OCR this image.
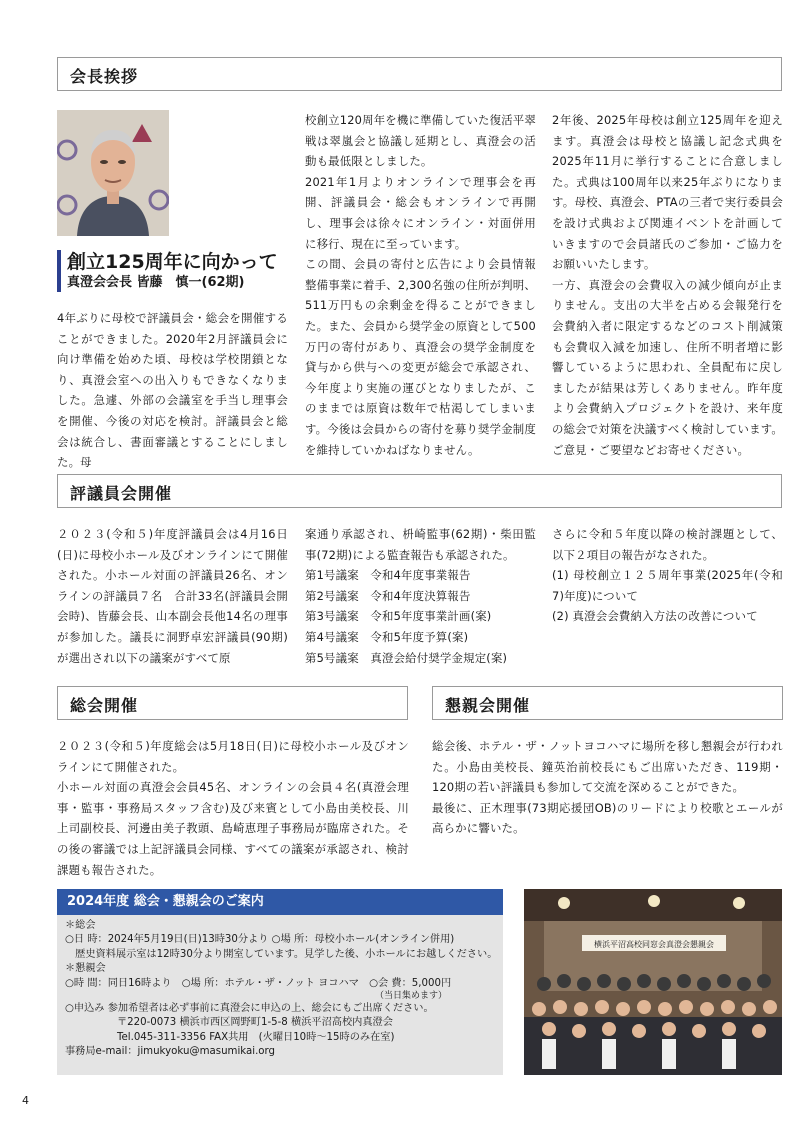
会長挨拶
創立125周年に向かって
真澄会会長 皆藤　慎一(62期)

4年ぶりに母校で評議員会・総会を開催することができました。2020年2月評議員会に向け準備を始めた頃、母校は学校閉鎖となり、真澄会室への出入りもできなくなりました。急遽、外部の会議室を手当し理事会を開催、今後の対応を検討。評議員会と総会は統合し、書面審議とすることにしました。母

校創立120周年を機に準備していた復活平翠戦は翠嵐会と協議し延期とし、真澄会の活動も最低限としました。

2021年1月よりオンラインで理事会を再開、評議員会・総会もオンラインで再開し、理事会は徐々にオンライン・対面併用に移行、現在に至っています。

この間、会員の寄付と広告により会員情報整備事業に着手、2,300名強の住所が判明、511万円もの余剰金を得ることができました。また、会員から奨学金の原資として500万円の寄付があり、真澄会の奨学金制度を貸与から供与への変更が総会で承認され、今年度より実施の運びとなりましたが、このままでは原資は数年で枯渇してしまいます。今後は会員からの寄付を募り奨学金制度を維持していかねばなりません。

2年後、2025年母校は創立125周年を迎えます。真澄会は母校と協議し記念式典を2025年11月に挙行することに合意しました。式典は100周年以来25年ぶりになります。母校、真澄会、PTAの三者で実行委員会を設け式典および関連イベントを計画していきますので会員諸氏のご参加・ご協力をお願いいたします。

一方、真澄会の会費収入の減少傾向が止まりません。支出の大半を占める会報発行を会費納入者に限定するなどのコスト削減策も会費収入減を加速し、住所不明者増に影響しているように思われ、全員配布に戻しましたが結果は芳しくありません。昨年度より会費納入プロジェクトを設け、来年度の総会で対策を決議すべく検討しています。ご意見・ご要望などお寄せください。

評議員会開催

２０２３(令和５)年度評議員会は4月16日(日)に母校小ホール及びオンラインにて開催された。小ホール対面の評議員26名、オンラインの評議員７名　合計33名(評議員会開会時)、皆藤会長、山本副会長他14名の理事が参加した。議長に洞野卓宏評議員(90期)が選出され以下の議案がすべて原

案通り承認され、枡崎監事(62期)・柴田監事(72期)による監査報告も承認された。

第1号議案　令和4年度事業報告

第2号議案　令和4年度決算報告

第3号議案　令和5年度事業計画(案)

第4号議案　令和5年度予算(案)

第5号議案　真澄会給付奨学金規定(案)

さらに令和５年度以降の検討課題として、以下２項目の報告がなされた。

(1) 母校創立１２５周年事業(2025年(令和7)年度)について

(2) 真澄会会費納入方法の改善について

総会開催	懇親会開催

２０２３(令和５)年度総会は5月18日(日)に母校小ホール及びオンラインにて開催された。

小ホール対面の真澄会会員45名、オンラインの会員４名(真澄会理事・監事・事務局スタッフ含む)及び来賓として小島由美校長、川上司副校長、河邊由美子教頭、島崎恵理子事務局が臨席された。その後の審議では上記評議員会同様、すべての議案が承認され、検討課題も報告された。

総会後、ホテル・ザ・ノットヨコハマに場所を移し懇親会が行われた。小島由美校長、鐘英治前校長にもご出席いただき、119期・120期の若い評議員も参加して交流を深めることができた。

最後に、正木理事(73期応援団OB)のリードにより校歌とエールが高らかに響いた。

2024年度 総会・懇親会のご案内
＊総会
○日 時：2024年5月19日(日)13時30分より ○場 所：母校小ホール(オンライン併用)
　歴史資料展示室は12時30分より開室しています。見学した後、小ホールにお越しください。
＊懇親会
○時 間：同日16時より　○場 所：ホテル・ザ・ノット ヨコハマ　○会 費：5,000円
（当日集めます）
○申込み 参加希望者は必ず事前に真澄会に申込の上、総会にもご出席ください。
〒220-0073 横浜市西区岡野町1-5-8 横浜平沼高校内真澄会
Tel.045-311-3356 FAX共用　(火曜日10時〜15時のみ在室)
事務局e-mail：jimukyoku@masumikai.org
横浜平沼高校同窓会真澄会懇親会
4
